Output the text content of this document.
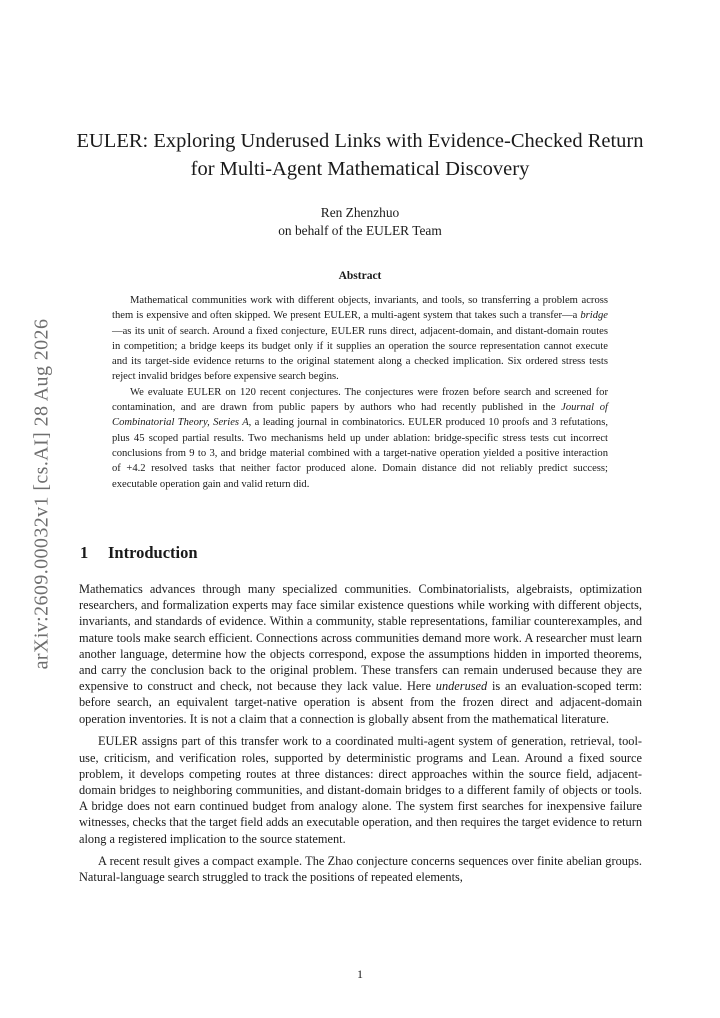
arXiv:2609.00032v1 [cs.AI] 28 Aug 2026
EULER: Exploring Underused Links with Evidence-Checked Return
for Multi-Agent Mathematical Discovery
Ren Zhenzhuo
on behalf of the EULER Team
Abstract

Mathematical communities work with different objects, invariants, and tools, so transferring a problem across them is expensive and often skipped. We present EULER, a multi-agent system that takes such a transfer—a bridge—as its unit of search. Around a fixed conjecture, EULER runs direct, adjacent-domain, and distant-domain routes in competition; a bridge keeps its budget only if it supplies an operation the source representation cannot execute and its target-side evidence returns to the original statement along a checked implication. Six ordered stress tests reject invalid bridges before expensive search begins.

We evaluate EULER on 120 recent conjectures. The conjectures were frozen before search and screened for contamination, and are drawn from public papers by authors who had recently published in the Journal of Combinatorial Theory, Series A, a leading journal in combinatorics. EULER produced 10 proofs and 3 refutations, plus 45 scoped partial results. Two mechanisms held up under ablation: bridge-specific stress tests cut incorrect conclusions from 9 to 3, and bridge material combined with a target-native operation yielded a positive interaction of +4.2 resolved tasks that neither factor produced alone. Domain distance did not reliably predict success; executable operation gain and valid return did.

1 Introduction

Mathematics advances through many specialized communities. Combinatorialists, algebraists, optimization researchers, and formalization experts may face similar existence questions while working with different objects, invariants, and standards of evidence. Within a community, stable representations, familiar counterexamples, and mature tools make search efficient. Connections across communities demand more work. A researcher must learn another language, determine how the objects correspond, expose the assumptions hidden in imported theorems, and carry the conclusion back to the original problem. These transfers can remain underused because they are expensive to construct and check, not because they lack value. Here underused is an evaluation-scoped term: before search, an equivalent target-native operation is absent from the frozen direct and adjacent-domain operation inventories. It is not a claim that a connection is globally absent from the mathematical literature.

EULER assigns part of this transfer work to a coordinated multi-agent system of generation, retrieval, tool-use, criticism, and verification roles, supported by deterministic programs and Lean. Around a fixed source problem, it develops competing routes at three distances: direct approaches within the source field, adjacent-domain bridges to neighboring communities, and distant-domain bridges to a different family of objects or tools. A bridge does not earn continued budget from analogy alone. The system first searches for inexpensive failure witnesses, checks that the target field adds an executable operation, and then requires the target evidence to return along a registered implication to the source statement.

A recent result gives a compact example. The Zhao conjecture concerns sequences over finite abelian groups. Natural-language search struggled to track the positions of repeated elements,

1
